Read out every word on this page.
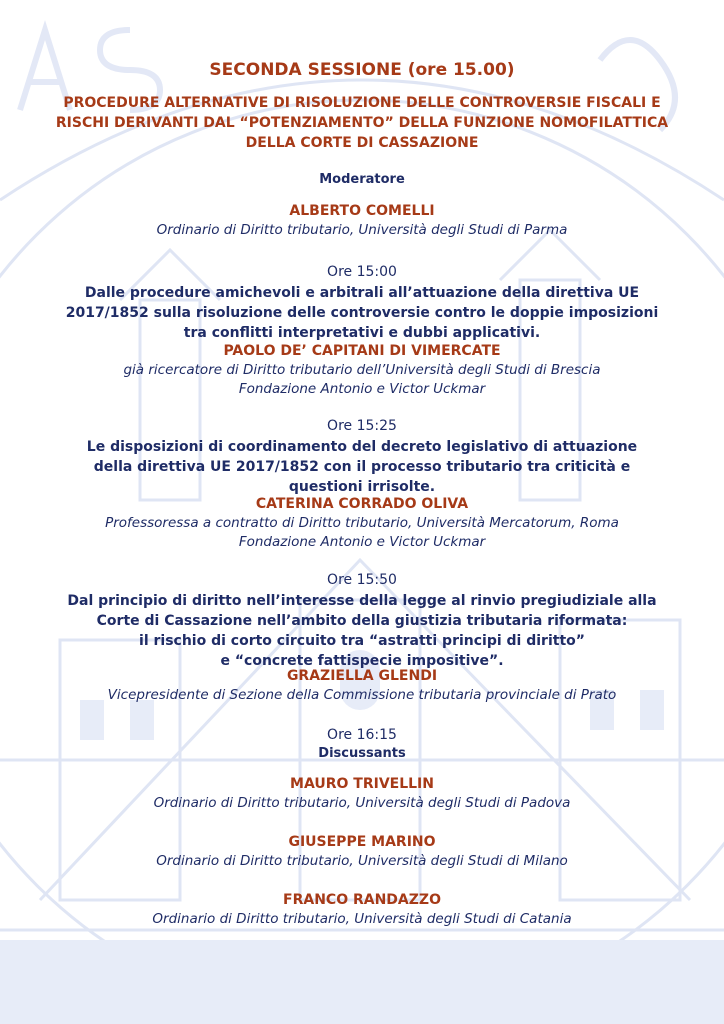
SECONDA SESSIONE (ore 15.00)
PROCEDURE ALTERNATIVE DI RISOLUZIONE DELLE CONTROVERSIE FISCALI E RISCHI DERIVANTI DAL “POTENZIAMENTO” DELLA FUNZIONE NOMOFILATTICA DELLA CORTE DI CASSAZIONE
Moderatore
ALBERTO COMELLI
Ordinario di Diritto tributario, Università degli Studi di Parma
Ore 15:00
Dalle procedure amichevoli e arbitrali all’attuazione della direttiva UE
2017/1852 sulla risoluzione delle controversie contro le doppie imposizioni
tra conflitti interpretativi e dubbi applicativi.
PAOLO DE’ CAPITANI DI VIMERCATE
già ricercatore di Diritto tributario dell’Università degli Studi di Brescia
Fondazione Antonio e Victor Uckmar
Ore 15:25
Le disposizioni di coordinamento del decreto legislativo di attuazione
della direttiva UE 2017/1852 con il processo tributario tra criticità e
questioni irrisolte.
CATERINA CORRADO OLIVA
Professoressa a contratto di Diritto tributario, Università Mercatorum, Roma
Fondazione Antonio e Victor Uckmar
Ore 15:50
Dal principio di diritto nell’interesse della legge al rinvio pregiudiziale alla
Corte di Cassazione nell’ambito della giustizia tributaria riformata:
il rischio di corto circuito tra “astratti principi di diritto”
e “concrete fattispecie impositive”.
GRAZIELLA GLENDI
Vicepresidente di Sezione della Commissione tributaria provinciale di Prato
Ore 16:15
Discussants
MAURO TRIVELLIN
Ordinario di Diritto tributario, Università degli Studi di Padova
GIUSEPPE MARINO
Ordinario di Diritto tributario, Università degli Studi di Milano
FRANCO RANDAZZO
Ordinario di Diritto tributario, Università degli Studi di Catania
